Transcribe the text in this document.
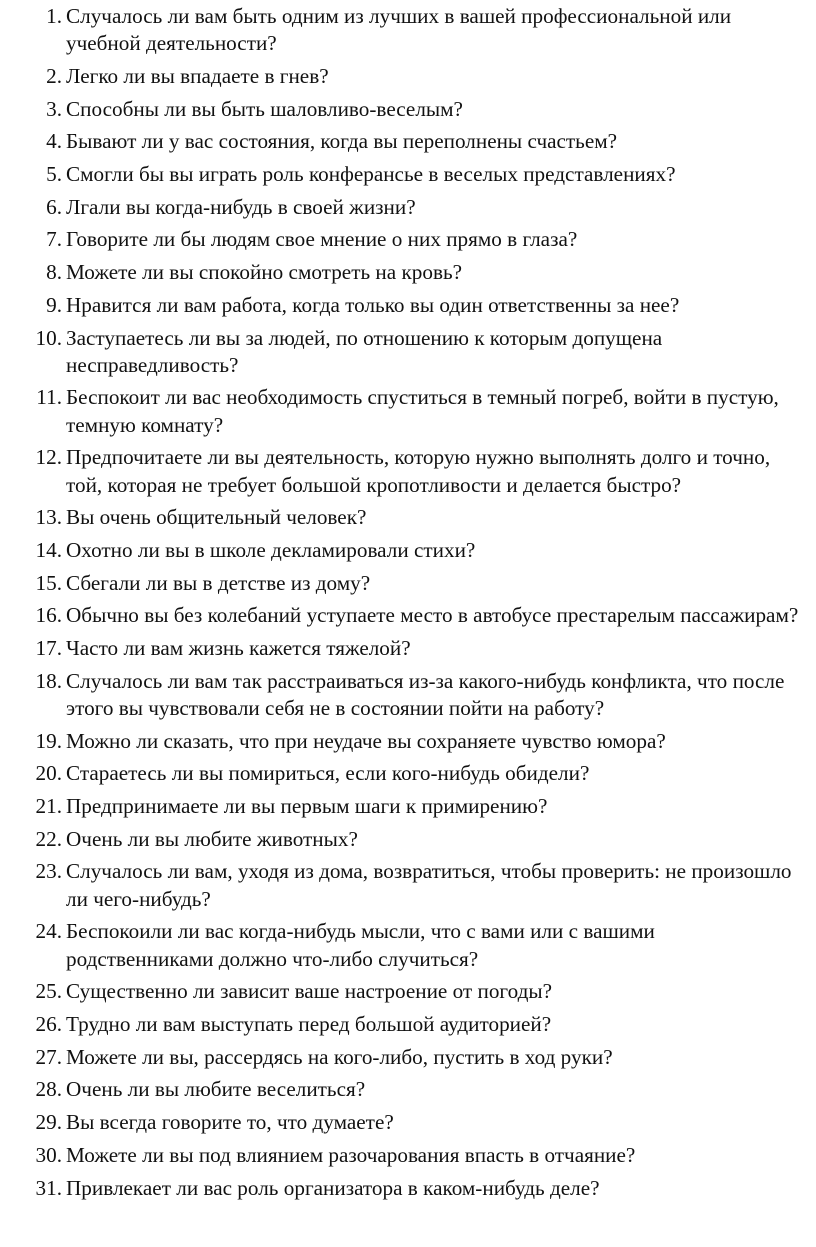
1. Случалось ли вам быть одним из лучших в вашей профессиональной или учебной деятельности?
2. Легко ли вы впадаете в гнев?
3. Способны ли вы быть шаловливо-веселым?
4. Бывают ли у вас состояния, когда вы переполнены счастьем?
5. Смогли бы вы играть роль конферансье в веселых представлениях?
6. Лгали вы когда-нибудь в своей жизни?
7. Говорите ли бы людям свое мнение о них прямо в глаза?
8. Можете ли вы спокойно смотреть на кровь?
9. Нравится ли вам работа, когда только вы один ответственны за нее?
10. Заступаетесь ли вы за людей, по отношению к которым допущена несправедливость?
11. Беспокоит ли вас необходимость спуститься в темный погреб, войти в пустую, темную комнату?
12. Предпочитаете ли вы деятельность, которую нужно выполнять долго и точно, той, которая не требует большой кропотливости и делается быстро?
13. Вы очень общительный человек?
14. Охотно ли вы в школе декламировали стихи?
15. Сбегали ли вы в детстве из дому?
16. Обычно вы без колебаний уступаете место в автобусе престарелым пассажирам?
17. Часто ли вам жизнь кажется тяжелой?
18. Случалось ли вам так расстраиваться из-за какого-нибудь конфликта, что после этого вы чувствовали себя не в состоянии пойти на работу?
19. Можно ли сказать, что при неудаче вы сохраняете чувство юмора?
20. Стараетесь ли вы помириться, если кого-нибудь обидели?
21. Предпринимаете ли вы первым шаги к примирению?
22. Очень ли вы любите животных?
23. Случалось ли вам, уходя из дома, возвратиться, чтобы проверить: не произошло ли чего-нибудь?
24. Беспокоили ли вас когда-нибудь мысли, что с вами или с вашими родственниками должно что-либо случиться?
25. Существенно ли зависит ваше настроение от погоды?
26. Трудно ли вам выступать перед большой аудиторией?
27. Можете ли вы, рассердясь на кого-либо, пустить в ход руки?
28. Очень ли вы любите веселиться?
29. Вы всегда говорите то, что думаете?
30. Можете ли вы под влиянием разочарования впасть в отчаяние?
31. Привлекает ли вас роль организатора в каком-нибудь деле?
